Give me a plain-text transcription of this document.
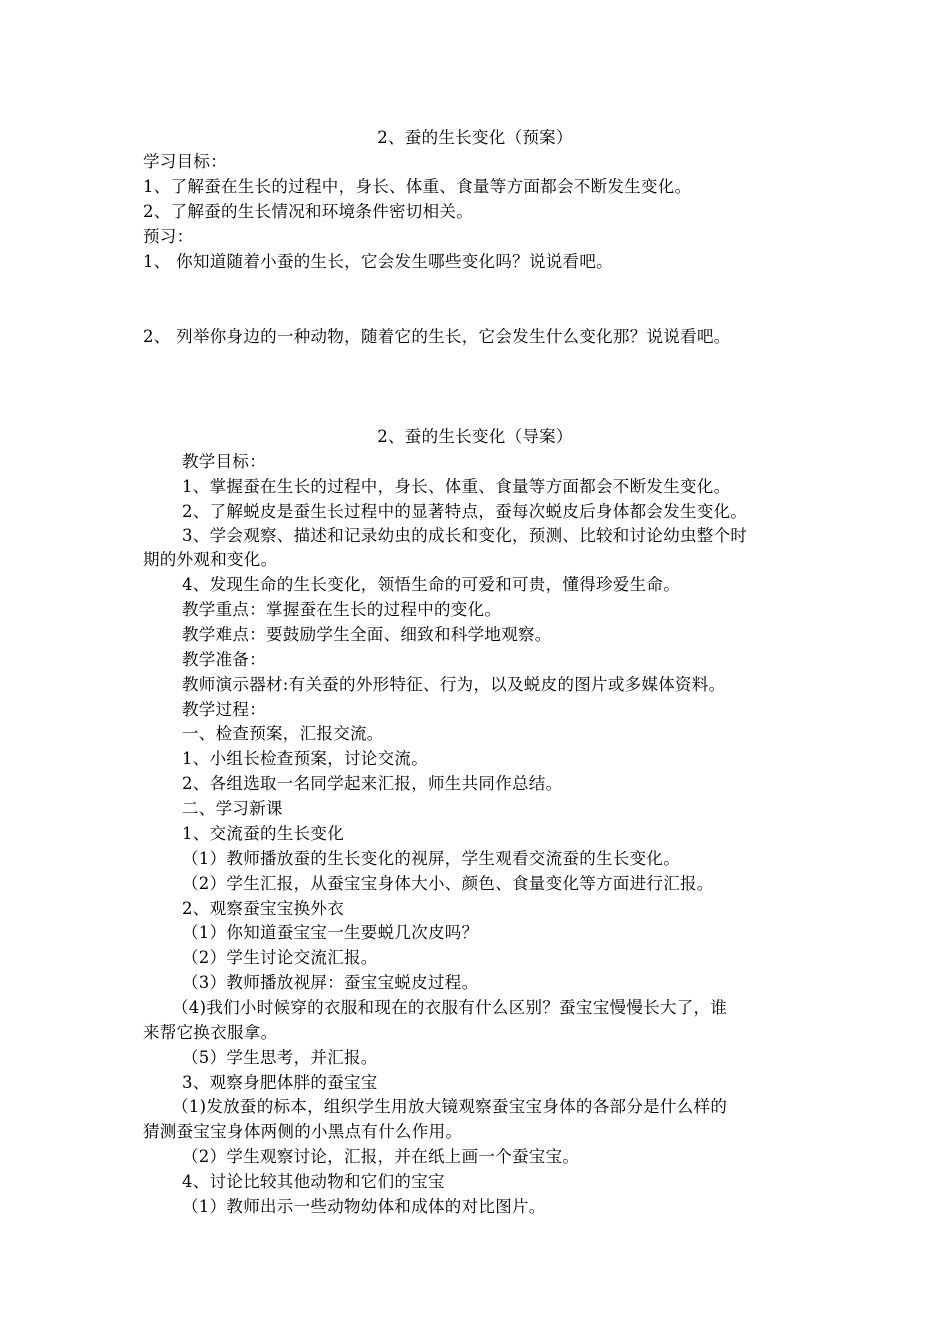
2、蚕的生长变化（预案）
学习目标：
1、了解蚕在生长的过程中，身长、体重、食量等方面都会不断发生变化。
2、了解蚕的生长情况和环境条件密切相关。
预习：
1、 你知道随着小蚕的生长，它会发生哪些变化吗？说说看吧。
2、 列举你身边的一种动物，随着它的生长，它会发生什么变化那？说说看吧。
2、蚕的生长变化（导案）
教学目标：
1、掌握蚕在生长的过程中，身长、体重、食量等方面都会不断发生变化。
2、了解蜕皮是蚕生长过程中的显著特点，蚕每次蜕皮后身体都会发生变化。
3、学会观察、描述和记录幼虫的成长和变化，预测、比较和讨论幼虫整个时
期的外观和变化。
4、发现生命的生长变化，领悟生命的可爱和可贵，懂得珍爱生命。
教学重点：掌握蚕在生长的过程中的变化。
教学难点：要鼓励学生全面、细致和科学地观察。
教学准备：
教师演示器材:有关蚕的外形特征、行为，以及蜕皮的图片或多媒体资料。
教学过程：
一、检查预案，汇报交流。
1、小组长检查预案，讨论交流。
2、各组选取一名同学起来汇报，师生共同作总结。
二、学习新课
1、交流蚕的生长变化
（1）教师播放蚕的生长变化的视屏，学生观看交流蚕的生长变化。
（2）学生汇报，从蚕宝宝身体大小、颜色、食量变化等方面进行汇报。
2、观察蚕宝宝换外衣
（1）你知道蚕宝宝一生要蜕几次皮吗？
（2）学生讨论交流汇报。
（3）教师播放视屏：蚕宝宝蜕皮过程。
（4)我们小时候穿的衣服和现在的衣服有什么区别？蚕宝宝慢慢长大了，谁
来帮它换衣服拿。
（5）学生思考，并汇报。
3、观察身肥体胖的蚕宝宝
（1)发放蚕的标本，组织学生用放大镜观察蚕宝宝身体的各部分是什么样的
猜测蚕宝宝身体两侧的小黑点有什么作用。
（2）学生观察讨论，汇报，并在纸上画一个蚕宝宝。
4、讨论比较其他动物和它们的宝宝
（1）教师出示一些动物幼体和成体的对比图片。
